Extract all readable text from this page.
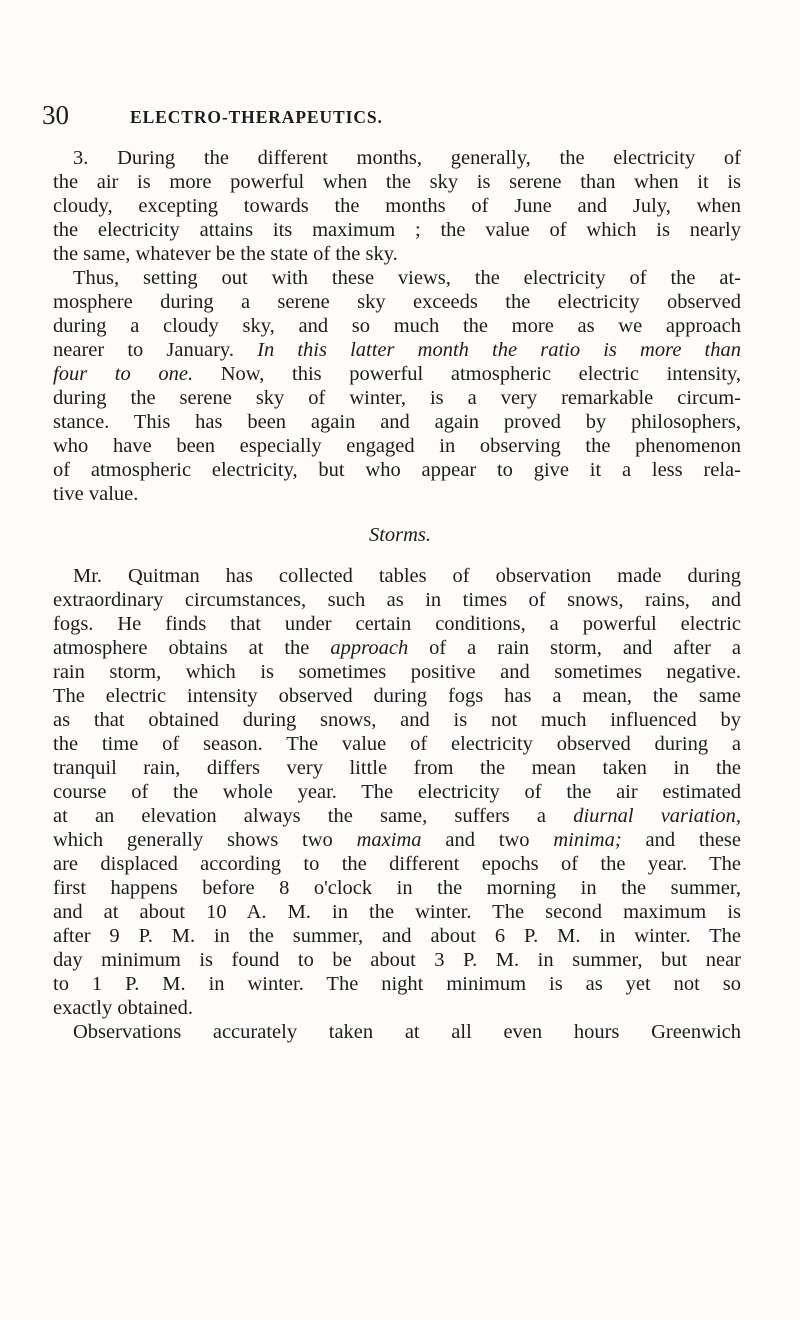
30	ELECTRO-THERAPEUTICS.
3. During the different months, generally, the electricity of
the air is more powerful when the sky is serene than when it is
cloudy, excepting towards the months of June and July, when
the electricity attains its maximum ; the value of which is nearly
the same, whatever be the state of the sky.
Thus, setting out with these views, the electricity of the at-
mosphere during a serene sky exceeds the electricity observed
during a cloudy sky, and so much the more as we approach
nearer to January. In this latter month the ratio is more than
four to one. Now, this powerful atmospheric electric intensity,
during the serene sky of winter, is a very remarkable circum-
stance. This has been again and again proved by philosophers,
who have been especially engaged in observing the phenomenon
of atmospheric electricity, but who appear to give it a less rela-
tive value.
Storms.
Mr. Quitman has collected tables of observation made during
extraordinary circumstances, such as in times of snows, rains, and
fogs. He finds that under certain conditions, a powerful electric
atmosphere obtains at the approach of a rain storm, and after a
rain storm, which is sometimes positive and sometimes negative.
The electric intensity observed during fogs has a mean, the same
as that obtained during snows, and is not much influenced by
the time of season. The value of electricity observed during a
tranquil rain, differs very little from the mean taken in the
course of the whole year. The electricity of the air estimated
at an elevation always the same, suffers a diurnal variation,
which generally shows two maxima and two minima; and these
are displaced according to the different epochs of the year. The
first happens before 8 o'clock in the morning in the summer,
and at about 10 A. M. in the winter. The second maximum is
after 9 P. M. in the summer, and about 6 P. M. in winter. The
day minimum is found to be about 3 P. M. in summer, but near
to 1 P. M. in winter. The night minimum is as yet not so
exactly obtained.
Observations accurately taken at all even hours Greenwich
